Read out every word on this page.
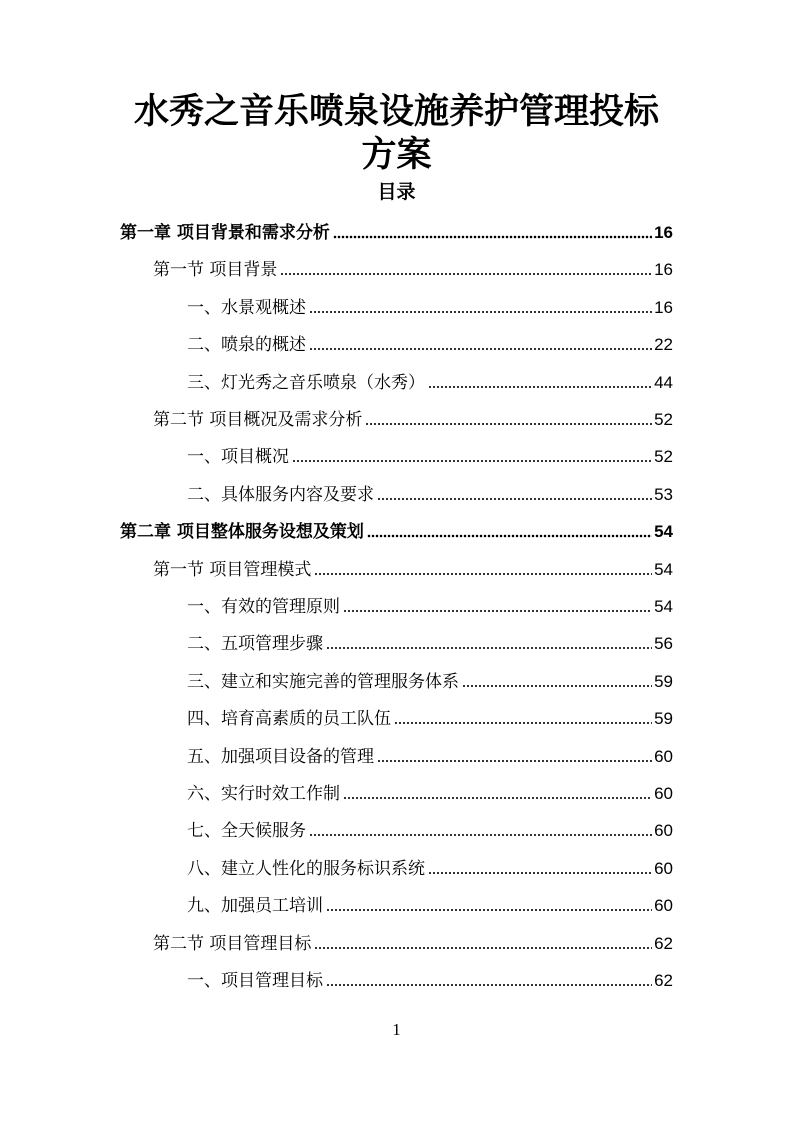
水秀之音乐喷泉设施养护管理投标
方案
目录
第一章 项目背景和需求分析	16
第一节 项目背景	16
一、水景观概述	16
二、喷泉的概述	22
三、灯光秀之音乐喷泉（水秀）	44
第二节 项目概况及需求分析	52
一、项目概况	52
二、具体服务内容及要求	53
第二章 项目整体服务设想及策划	54
第一节 项目管理模式	54
一、有效的管理原则	54
二、五项管理步骤	56
三、建立和实施完善的管理服务体系	59
四、培育高素质的员工队伍	59
五、加强项目设备的管理	60
六、实行时效工作制	60
七、全天候服务	60
八、建立人性化的服务标识系统	60
九、加强员工培训	60
第二节 项目管理目标	62
一、项目管理目标	62
1
